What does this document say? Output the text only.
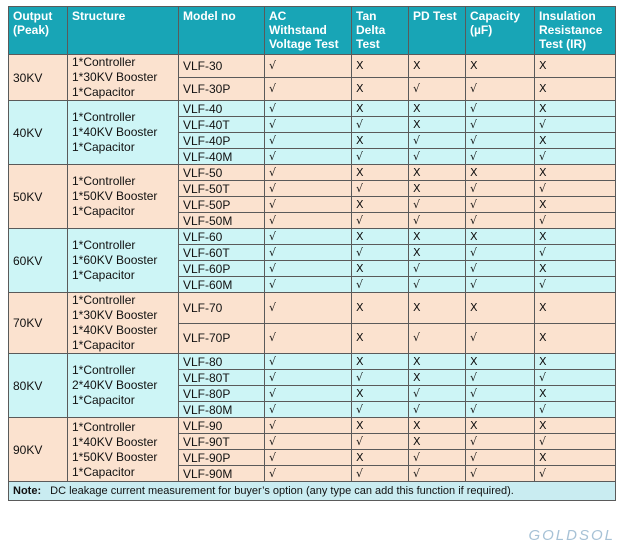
Output (Peak)	Structure	Model no	AC Withstand Voltage Test	Tan Delta Test	PD Test	Capacity (µF)	Insulation Resistance Test (IR)
30KV	1*Controller
1*30KV Booster
1*Capacitor	VLF-30	√	X	X	X	X
		VLF-30P	√	X	√	√	X
40KV	1*Controller
1*40KV Booster
1*Capacitor	VLF-40	√	X	X	√	X
		VLF-40T	√	√	X	√	√
		VLF-40P	√	X	√	√	X
		VLF-40M	√	√	√	√	√
50KV	1*Controller
1*50KV Booster
1*Capacitor	VLF-50	√	X	X	X	X
		VLF-50T	√	√	X	√	√
		VLF-50P	√	X	√	√	X
		VLF-50M	√	√	√	√	√
60KV	1*Controller
1*60KV Booster
1*Capacitor	VLF-60	√	X	X	X	X
		VLF-60T	√	√	X	√	√
		VLF-60P	√	X	√	√	X
		VLF-60M	√	√	√	√	√
70KV	1*Controller
1*30KV Booster
1*40KV Booster
1*Capacitor	VLF-70	√	X	X	X	X
		VLF-70P	√	X	√	√	X
80KV	1*Controller
2*40KV Booster
1*Capacitor	VLF-80	√	X	X	X	X
		VLF-80T	√	√	X	√	√
		VLF-80P	√	X	√	√	X
		VLF-80M	√	√	√	√	√
90KV	1*Controller
1*40KV Booster
1*50KV Booster
1*Capacitor	VLF-90	√	X	X	X	X
		VLF-90T	√	√	X	√	√
		VLF-90P	√	X	√	√	X
		VLF-90M	√	√	√	√	√
Note: DC leakage current measurement for buyer’s option (any type can add this function if required).							
GOLDSOL
